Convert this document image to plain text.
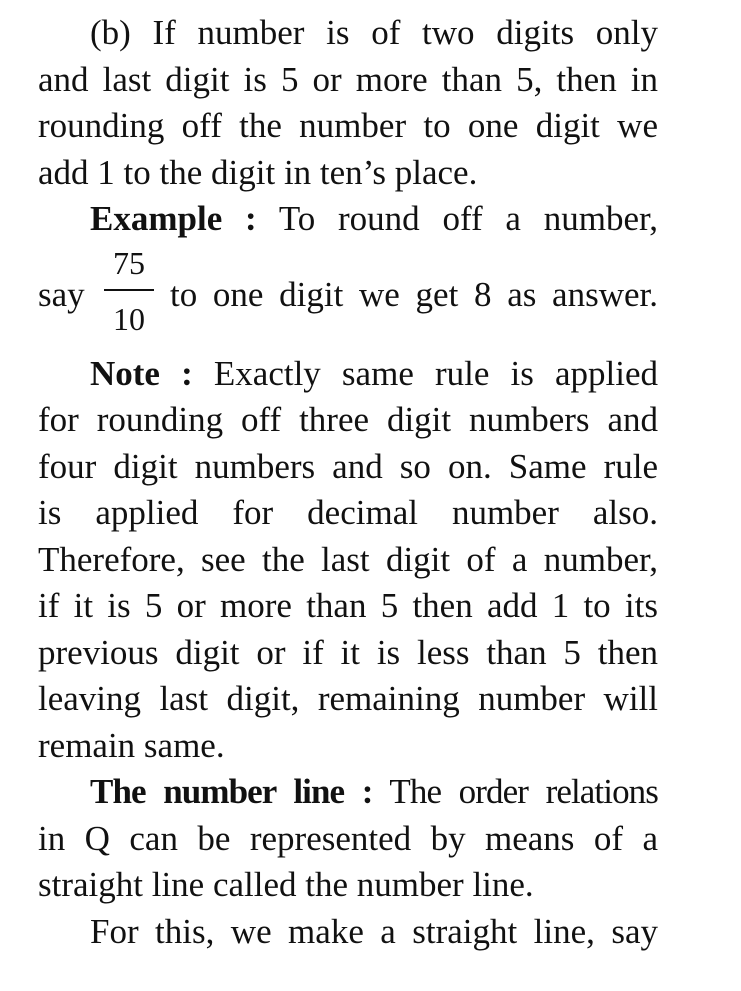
(b) If number is of two digits only
and last digit is 5 or more than 5, then in
rounding off the number to one digit we
add 1 to the digit in ten’s place.
Example : To round off a number,
say
75
10
to one digit we get 8 as answer.
Note : Exactly same rule is applied
for rounding off three digit numbers and
four digit numbers and so on. Same rule
is applied for decimal number also.
Therefore, see the last digit of a number,
if it is 5 or more than 5 then add 1 to its
previous digit or if it is less than 5 then
leaving last digit, remaining number will
remain same.
The number line : The order relations
in Q can be represented by means of a
straight line called the number line.
For this, we make a straight line, say
